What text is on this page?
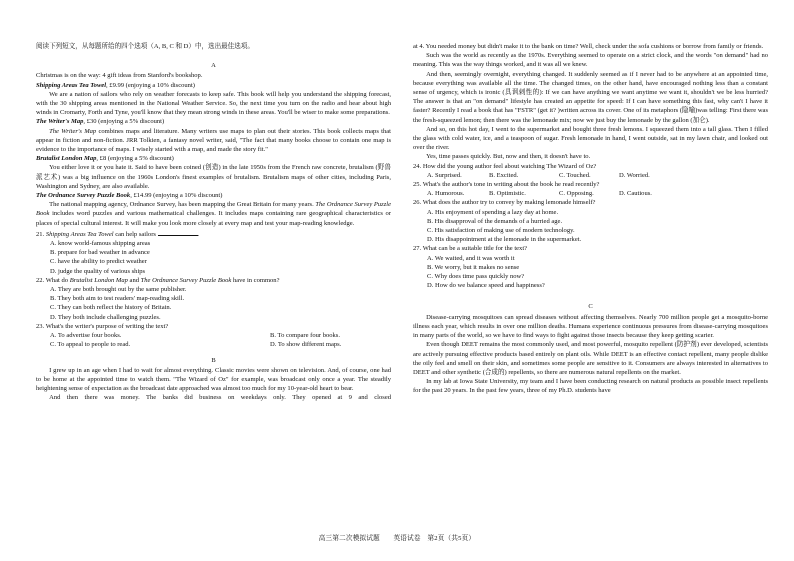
阅读下列短文，从每题所给的四个选项（A, B, C 和 D）中，选出最佳选项。

A

Christmas is on the way: 4 gift ideas from Stanford's bookshop.

Shipping Areas Tea Towel, £9.99 (enjoying a 10% discount)

We are a nation of sailors who rely on weather forecasts to keep safe. This book will help you understand the shipping forecast, with the 30 shipping areas mentioned in the National Weather Service. So, the next time you turn on the radio and hear about high winds in Cromarty, Forth and Tyne, you'll know that they mean strong winds in these areas. You'll be wiser to make some preparations.

The Writer's Map, £30 (enjoying a 5% discount)

The Writer's Map combines maps and literature. Many writers use maps to plan out their stories. This book collects maps that appear in fiction and non-fiction. JRR Tolkien, a fantasy novel writer, said, "The fact that many books choose to contain one map is evidence to the importance of maps. I wisely started with a map, and made the story fit."

Brutalist London Map, £8 (enjoying a 5% discount)

You either love it or you hate it. Said to have been coined (创造) in the late 1950s from the French raw concrete, brutalism (野兽派艺术) was a big influence on the 1960s London's finest examples of brutalism. Brutalism maps of other cities, including Paris, Washington and Sydney, are also available.

The Ordnance Survey Puzzle Book, £14.99 (enjoying a 10% discount)

The national mapping agency, Ordnance Survey, has been mapping the Great Britain for many years. The Ordnance Survey Puzzle Book includes word puzzles and various mathematical challenges. It includes maps containing rare geographical characteristics or places of special cultural interest. It will make you look more closely at every map and test your map-reading knowledge.

21. Shipping Areas Tea Towel can help sailors	.

A. know world-famous shipping areas

B. prepare for bad weather in advance

C. have the ability to predict weather

D. judge the quality of various ships

22. What do Brutalist London Map and The Ordnance Survey Puzzle Book have in common?

A. They are both brought out by the same publisher.

B. They both aim to test readers' map-reading skill.

C. They can both reflect the history of Britain.

D. They both include challenging puzzles.

23. What's the writer's purpose of writing the text?

A. To advertise four books.	B. To compare four books.
C. To appeal to people to read.	D. To show different maps.
B

I grew up in an age when I had to wait for almost everything. Classic movies were shown on television. And, of course, one had to be home at the appointed time to watch them. "The Wizard of Oz" for example, was broadcast only once a year. The steadily heightening sense of expectation as the broadcast date approached was almost too much for my 10-year-old heart to bear.

And then there was money. The banks did business on weekdays only. They opened at 9 and closed

at 4. You needed money but didn't make it to the bank on time? Well, check under the sofa cushions or borrow from family or friends.

Such was the world as recently as the 1970s. Everything seemed to operate on a strict clock, and the words "on demand" had no meaning. This was the way things worked, and it was all we knew.

And then, seemingly overnight, everything changed. It suddenly seemed as if I never had to be anywhere at an appointed time, because everything was available all the time. The changed times, on the other hand, have encouraged nothing less than a constant sense of urgency, which is ironic (具讽刺性的): If we can have anything we want anytime we want it, shouldn't we be less hurried? The answer is that an "on demand" lifestyle has created an appetite for speed: If I can have something this fast, why can't I have it faster? Recently I read a book that has "FSTR" (get it? )written across its cover. One of its metaphors (隐喻)was telling: First there was the fresh-squeezed lemon; then there was the lemonade mix; now we just buy the lemonade by the gallon (加仑).

And so, on this hot day, I went to the supermarket and bought three fresh lemons. I squeezed them into a tall glass. Then I filled the glass with cold water, ice, and a teaspoon of sugar. Fresh lemonade in hand, I went outside, sat in my lawn chair, and looked out over the river.

Yes, time passes quickly. But, now and then, it doesn't have to.

24. How did the young author feel about watching The Wizard of Oz?

A. Surprised.	B. Excited.	C. Touched.	D. Worried.

25. What's the author's tone in writing about the book he read recently?

A. Humorous.	B. Optimistic.	C. Opposing.	D. Cautious.

26. What does the author try to convey by making lemonade himself?

A. His enjoyment of spending a lazy day at home.

B. His disapproval of the demands of a hurried age.

C. His satisfaction of making use of modern technology.

D. His disappointment at the lemonade in the supermarket.

27. What can be a suitable title for the text?

A. We waited, and it was worth it

B. We worry, but it makes no sense

C. Why does time pass quickly now?

D. How do we balance speed and happiness?

C

Disease-carrying mosquitoes can spread diseases without affecting themselves. Nearly 700 million people get a mosquito-borne illness each year, which results in over one million deaths. Humans experience continuous pressures from disease-carrying mosquitoes in many parts of the world, so we have to find ways to fight against those insects because they keep getting scarier.

Even though DEET remains the most commonly used, and most powerful, mosquito repellent (防护剂) ever developed, scientists are actively pursuing effective products based entirely on plant oils. While DEET is an effective contact repellent, many people dislike the oily feel and smell on their skin, and sometimes some people are sensitive to it. Consumers are always interested in alternatives to DEET and other synthetic (合成的) repellents, so there are numerous natural repellents on the market.

In my lab at Iowa State University, my team and I have been conducting research on natural products as possible insect repellents for the past 20 years. In the past few years, three of my Ph.D. students have

高三第二次模拟试题　　英语试卷　第2页（共5页）
